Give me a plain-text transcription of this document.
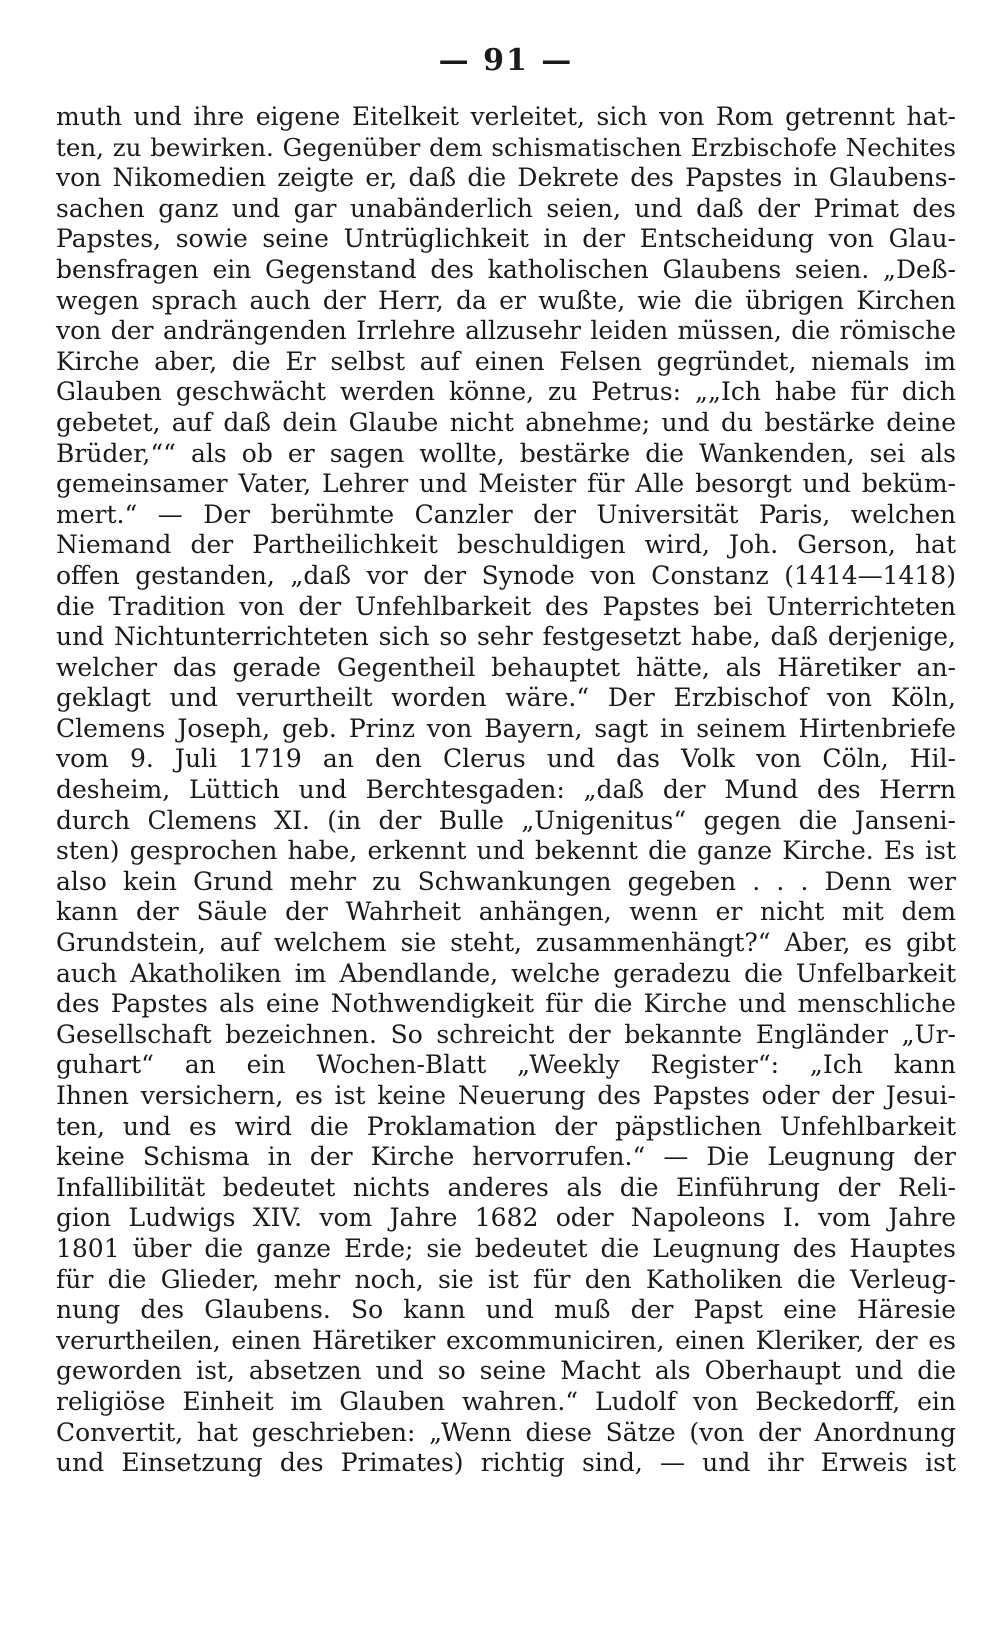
— 91 —
muth und ihre eigene Eitelkeit verleitet, sich von Rom getrennt hat-
ten, zu bewirken. Gegenüber dem schismatischen Erzbischofe Nechites
von Nikomedien zeigte er, daß die Dekrete des Papstes in Glaubens-
sachen ganz und gar unabänderlich seien, und daß der Primat des
Papstes, sowie seine Untrüglichkeit in der Entscheidung von Glau-
bensfragen ein Gegenstand des katholischen Glaubens seien. „Deß-
wegen sprach auch der Herr, da er wußte, wie die übrigen Kirchen
von der andrängenden Irrlehre allzusehr leiden müssen, die römische
Kirche aber, die Er selbst auf einen Felsen gegründet, niemals im
Glauben geschwächt werden könne, zu Petrus: „„Ich habe für dich
gebetet, auf daß dein Glaube nicht abnehme; und du bestärke deine
Brüder,““ als ob er sagen wollte, bestärke die Wankenden, sei als
gemeinsamer Vater, Lehrer und Meister für Alle besorgt und beküm-
mert.“ — Der berühmte Canzler der Universität Paris, welchen
Niemand der Partheilichkeit beschuldigen wird, Joh. Gerson, hat
offen gestanden, „daß vor der Synode von Constanz (1414—1418)
die Tradition von der Unfehlbarkeit des Papstes bei Unterrichteten
und Nichtunterrichteten sich so sehr festgesetzt habe, daß derjenige,
welcher das gerade Gegentheil behauptet hätte, als Häretiker an-
geklagt und verurtheilt worden wäre.“ Der Erzbischof von Köln,
Clemens Joseph, geb. Prinz von Bayern, sagt in seinem Hirtenbriefe
vom 9. Juli 1719 an den Clerus und das Volk von Cöln, Hil-
desheim, Lüttich und Berchtesgaden: „daß der Mund des Herrn
durch Clemens XI. (in der Bulle „Unigenitus“ gegen die Janseni-
sten) gesprochen habe, erkennt und bekennt die ganze Kirche. Es ist
also kein Grund mehr zu Schwankungen gegeben . . . Denn wer
kann der Säule der Wahrheit anhängen, wenn er nicht mit dem
Grundstein, auf welchem sie steht, zusammenhängt?“ Aber, es gibt
auch Akatholiken im Abendlande, welche geradezu die Unfelbarkeit
des Papstes als eine Nothwendigkeit für die Kirche und menschliche
Gesellschaft bezeichnen. So schreicht der bekannte Engländer „Ur-
guhart“ an ein Wochen-Blatt „Weekly Register“: „Ich kann
Ihnen versichern, es ist keine Neuerung des Papstes oder der Jesui-
ten, und es wird die Proklamation der päpstlichen Unfehlbarkeit
keine Schisma in der Kirche hervorrufen.“ — Die Leugnung der
Infallibilität bedeutet nichts anderes als die Einführung der Reli-
gion Ludwigs XIV. vom Jahre 1682 oder Napoleons I. vom Jahre
1801 über die ganze Erde; sie bedeutet die Leugnung des Hauptes
für die Glieder, mehr noch, sie ist für den Katholiken die Verleug-
nung des Glaubens. So kann und muß der Papst eine Häresie
verurtheilen, einen Häretiker excommuniciren, einen Kleriker, der es
geworden ist, absetzen und so seine Macht als Oberhaupt und die
religiöse Einheit im Glauben wahren.“ Ludolf von Beckedorff, ein
Convertit, hat geschrieben: „Wenn diese Sätze (von der Anordnung
und Einsetzung des Primates) richtig sind, — und ihr Erweis ist
